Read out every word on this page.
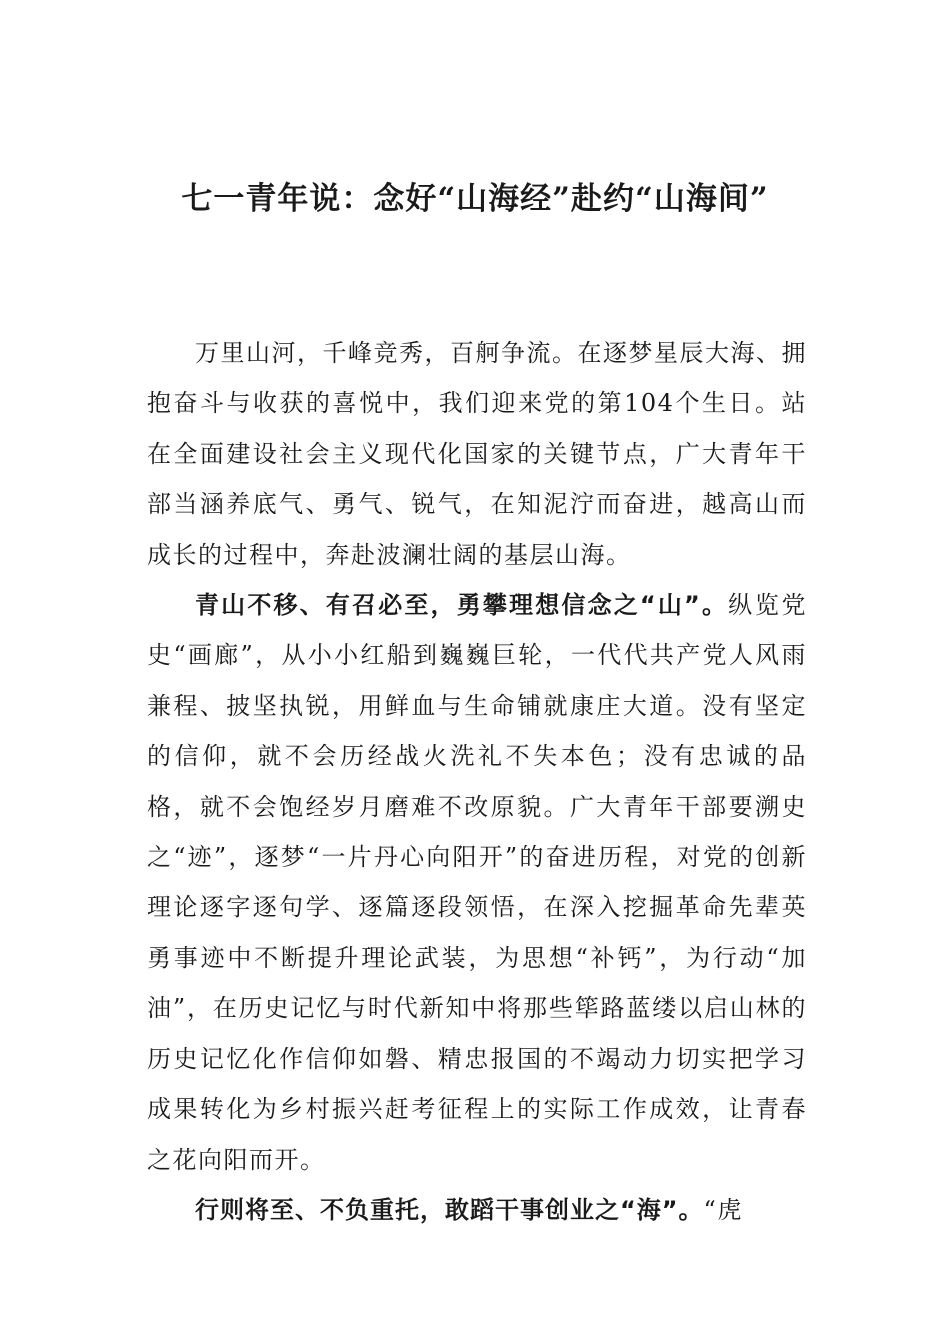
七一青年说：念好“山海经”赴约“山海间”

万里山河，千峰竞秀，百舸争流。在逐梦星辰大海、拥抱奋斗与收获的喜悦中，我们迎来党的第104个生日。站在全面建设社会主义现代化国家的关键节点，广大青年干部当涵养底气、勇气、锐气，在知泥泞而奋进，越高山而成长的过程中，奔赴波澜壮阔的基层山海。

青山不移、有召必至，勇攀理想信念之“山”。纵览党史“画廊”，从小小红船到巍巍巨轮，一代代共产党人风雨兼程、披坚执锐，用鲜血与生命铺就康庄大道。没有坚定的信仰，就不会历经战火洗礼不失本色；没有忠诚的品格，就不会饱经岁月磨难不改原貌。广大青年干部要溯史之“迹”，逐梦“一片丹心向阳开”的奋进历程，对党的创新理论逐字逐句学、逐篇逐段领悟，在深入挖掘革命先辈英勇事迹中不断提升理论武装，为思想“补钙”，为行动“加油”，在历史记忆与时代新知中将那些筚路蓝缕以启山林的历史记忆化作信仰如磐、精忠报国的不竭动力切实把学习成果转化为乡村振兴赶考征程上的实际工作成效，让青春之花向阳而开。

行则将至、不负重托，敢蹈干事创业之“海”。“虎
